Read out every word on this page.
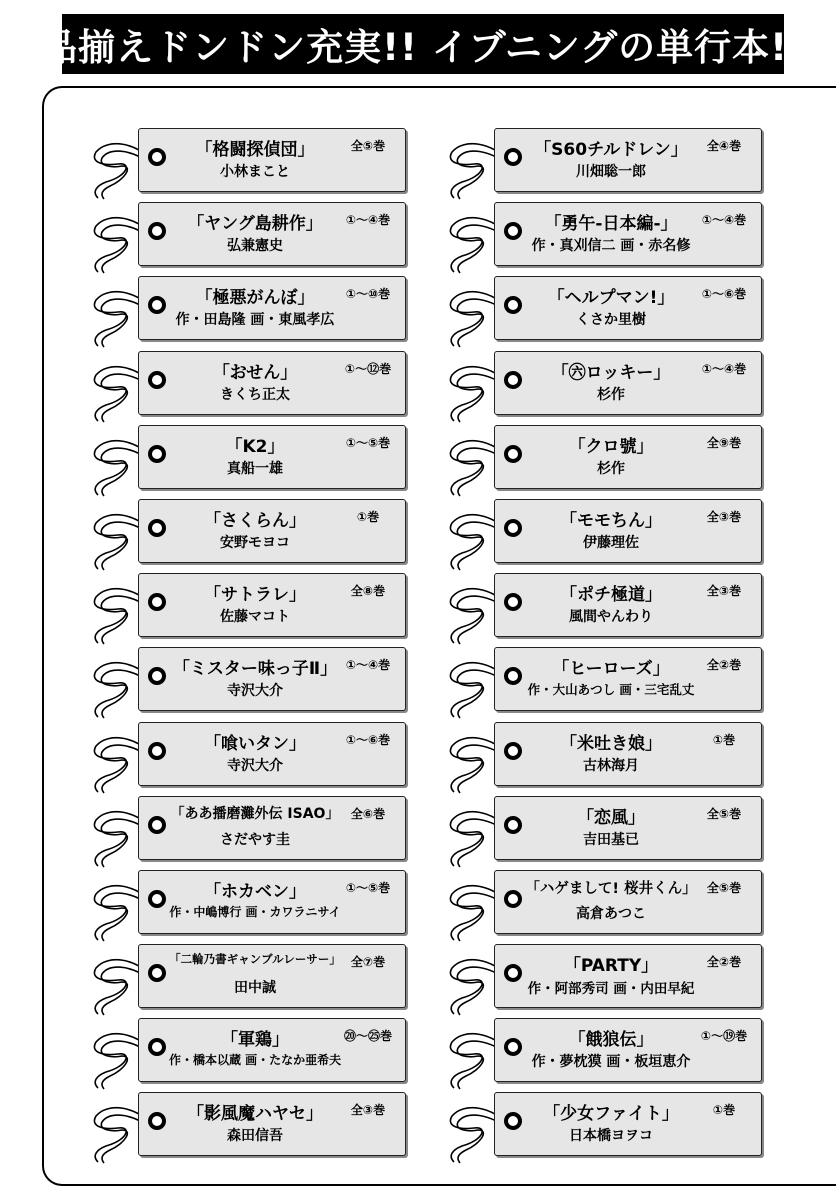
品揃えドンドン充実!! イブニングの単行本!!
「格闘探偵団」
小林まこと
全⑤巻
「ヤング島耕作」
弘兼憲史
①～④巻
「極悪がんぼ」
作・田島隆 画・東風孝広
①～⑩巻
「おせん」
きくち正太
①～⑫巻
「K2」
真船一雄
①～⑤巻
「さくらん」
安野モヨコ
①巻
「サトラレ」
佐藤マコト
全⑧巻
「ミスター味っ子Ⅱ」
寺沢大介
①～④巻
「喰いタン」
寺沢大介
①～⑥巻
「ああ播磨灘外伝 ISAO」
さだやす圭
全⑥巻
「ホカベン」
作・中嶋博行 画・カワラニサイ
①～⑤巻
「二輪乃書ギャンブルレーサー」
田中誠
全⑦巻
「軍鶏」
作・橋本以蔵 画・たなか亜希夫
⑳～㉕巻
「影風魔ハヤセ」
森田信吾
全③巻
「S60チルドレン」
川畑聡一郎
全④巻
「勇午-日本編-」
作・真刈信二 画・赤名修
①～④巻
「ヘルプマン!」
くさか里樹
①～⑥巻
「㊅ロッキー」
杉作
①～④巻
「クロ號」
杉作
全⑨巻
「モモちん」
伊藤理佐
全③巻
「ポチ極道」
風間やんわり
全③巻
「ヒーローズ」
作・大山あつし 画・三宅乱丈
全②巻
「米吐き娘」
古林海月
①巻
「恋風」
吉田基已
全⑤巻
「ハゲまして! 桜井くん」
高倉あつこ
全⑤巻
「PARTY」
作・阿部秀司 画・内田早紀
全②巻
「餓狼伝」
作・夢枕獏 画・板垣恵介
①～⑲巻
「少女ファイト」
日本橋ヨヲコ
①巻
